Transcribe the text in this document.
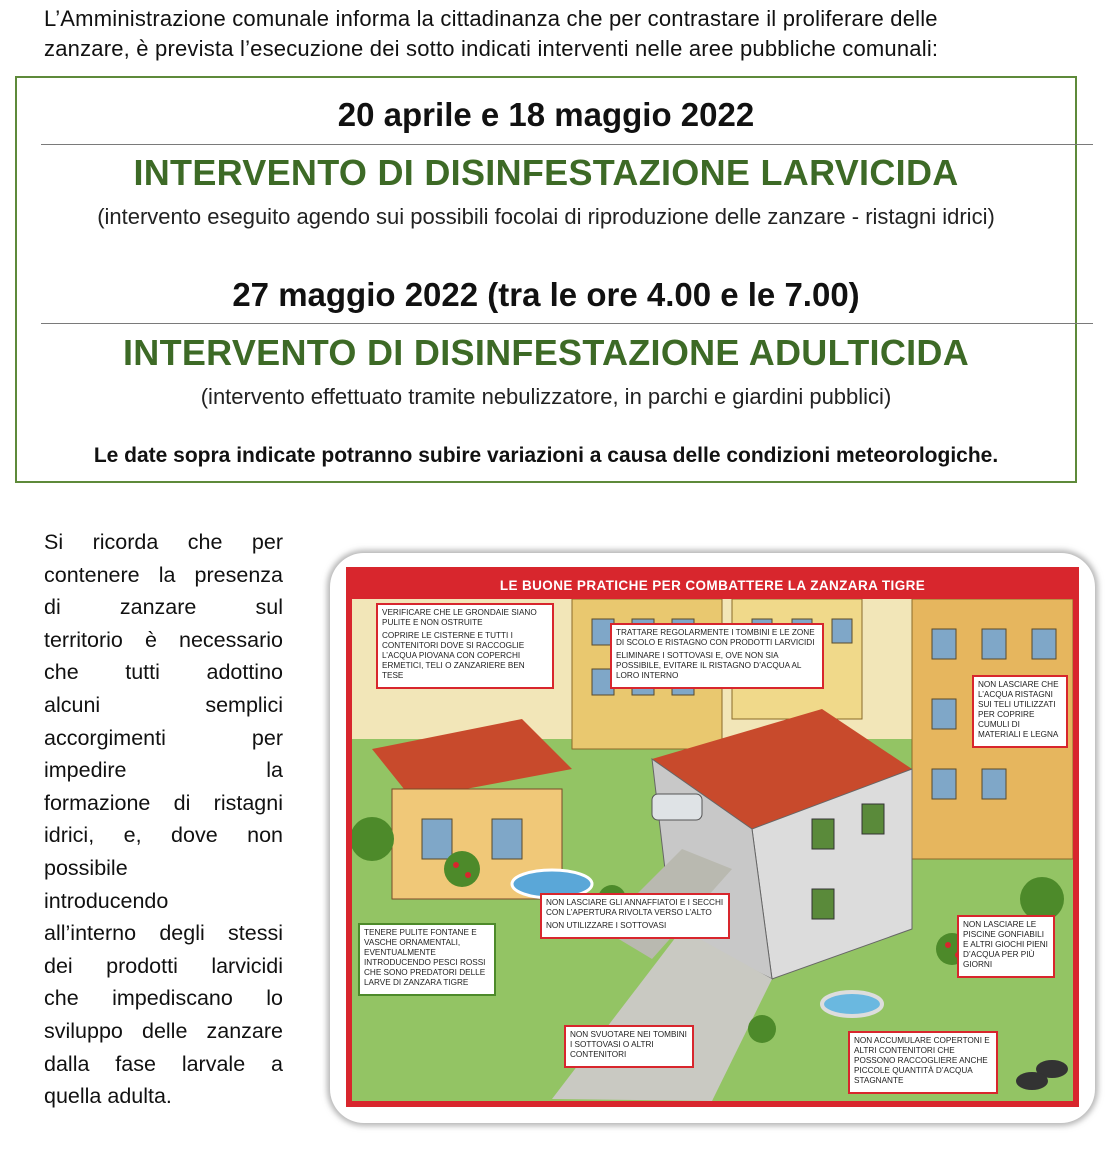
L’Amministrazione comunale informa la cittadinanza che per contrastare il proliferare delle
zanzare, è prevista l’esecuzione dei sotto indicati interventi nelle aree pubbliche comunali:
20 aprile e 18 maggio 2022
INTERVENTO DI DISINFESTAZIONE LARVICIDA
(intervento eseguito agendo sui possibili focolai di riproduzione delle zanzare - ristagni idrici)
27 maggio 2022 (tra le ore 4.00 e le 7.00)
INTERVENTO DI DISINFESTAZIONE ADULTICIDA
(intervento effettuato tramite nebulizzatore, in parchi e giardini pubblici)
Le date sopra indicate potranno subire variazioni a causa delle condizioni meteorologiche.
Si ricorda che per
contenere la presenza
di zanzare sul
territorio è necessario
che tutti adottino
alcuni semplici
accorgimenti per
impedire la
formazione di ristagni
idrici, e, dove non
possibile
introducendo
all’interno degli stessi
dei prodotti larvicidi
che impediscano lo
sviluppo delle zanzare
dalla fase larvale a
quella adulta.
LE BUONE PRATICHE PER COMBATTERE LA ZANZARA TIGRE

VERIFICARE CHE LE GRONDAIE SIANO PULITE E NON OSTRUITE

COPRIRE LE CISTERNE E TUTTI I CONTENITORI DOVE SI RACCOGLIE L’ACQUA PIOVANA CON COPERCHI ERMETICI, TELI O ZANZARIERE BEN TESE

TRATTARE REGOLARMENTE I TOMBINI E LE ZONE DI SCOLO E RISTAGNO CON PRODOTTI LARVICIDI

ELIMINARE I SOTTOVASI E, OVE NON SIA POSSIBILE, EVITARE IL RISTAGNO D’ACQUA AL LORO INTERNO

NON LASCIARE CHE L’ACQUA RISTAGNI SUI TELI UTILIZZATI PER COPRIRE CUMULI DI MATERIALI E LEGNA

TENERE PULITE FONTANE E VASCHE ORNAMENTALI, EVENTUALMENTE INTRODUCENDO PESCI ROSSI CHE SONO PREDATORI DELLE LARVE DI ZANZARA TIGRE

NON LASCIARE GLI ANNAFFIATOI E I SECCHI CON L’APERTURA RIVOLTA VERSO L’ALTO

NON UTILIZZARE I SOTTOVASI	NON LASCIARE LE PISCINE GONFIABILI E ALTRI GIOCHI PIENI D’ACQUA PER PIÙ GIORNI

NON SVUOTARE NEI TOMBINI I SOTTOVASI O ALTRI CONTENITORI

NON ACCUMULARE COPERTONI E ALTRI CONTENITORI CHE POSSONO RACCOGLIERE ANCHE PICCOLE QUANTITÀ D’ACQUA STAGNANTE
